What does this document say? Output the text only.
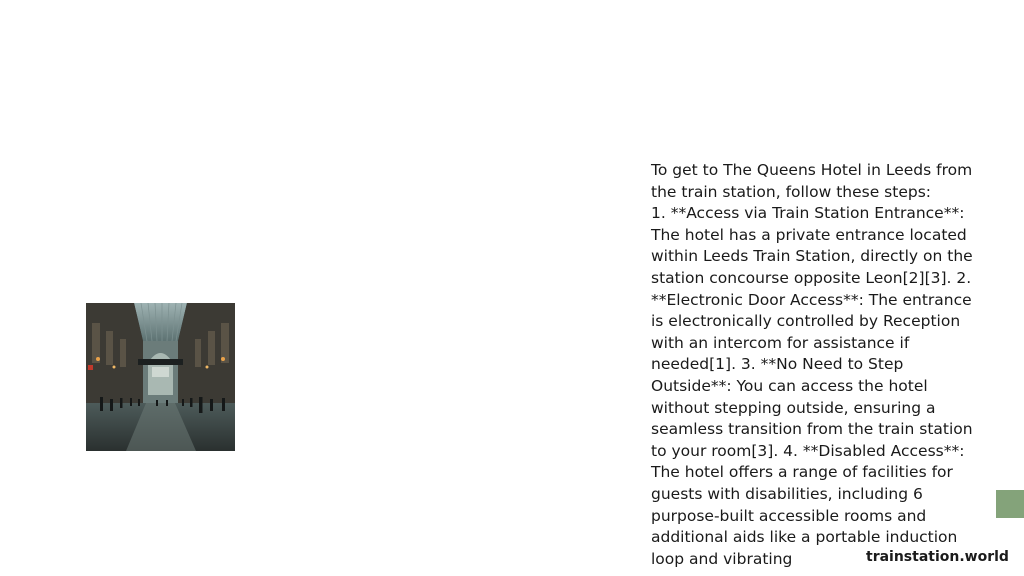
To get to The Queens Hotel in Leeds from the train station, follow these steps:
1. **Access via Train Station Entrance**: The hotel has a private entrance located within Leeds Train Station, directly on the station concourse opposite Leon[2][3]. 2. **Electronic Door Access**: The entrance is electronically controlled by Reception with an intercom for assistance if needed[1]. 3. **No Need to Step Outside**: You can access the hotel without stepping outside, ensuring a seamless transition from the train station to your room[3]. 4. **Disabled Access**: The hotel offers a range of facilities for guests with disabilities, including 6 purpose-built accessible rooms and additional aids like a portable induction loop and vibrating	trainstation.world
